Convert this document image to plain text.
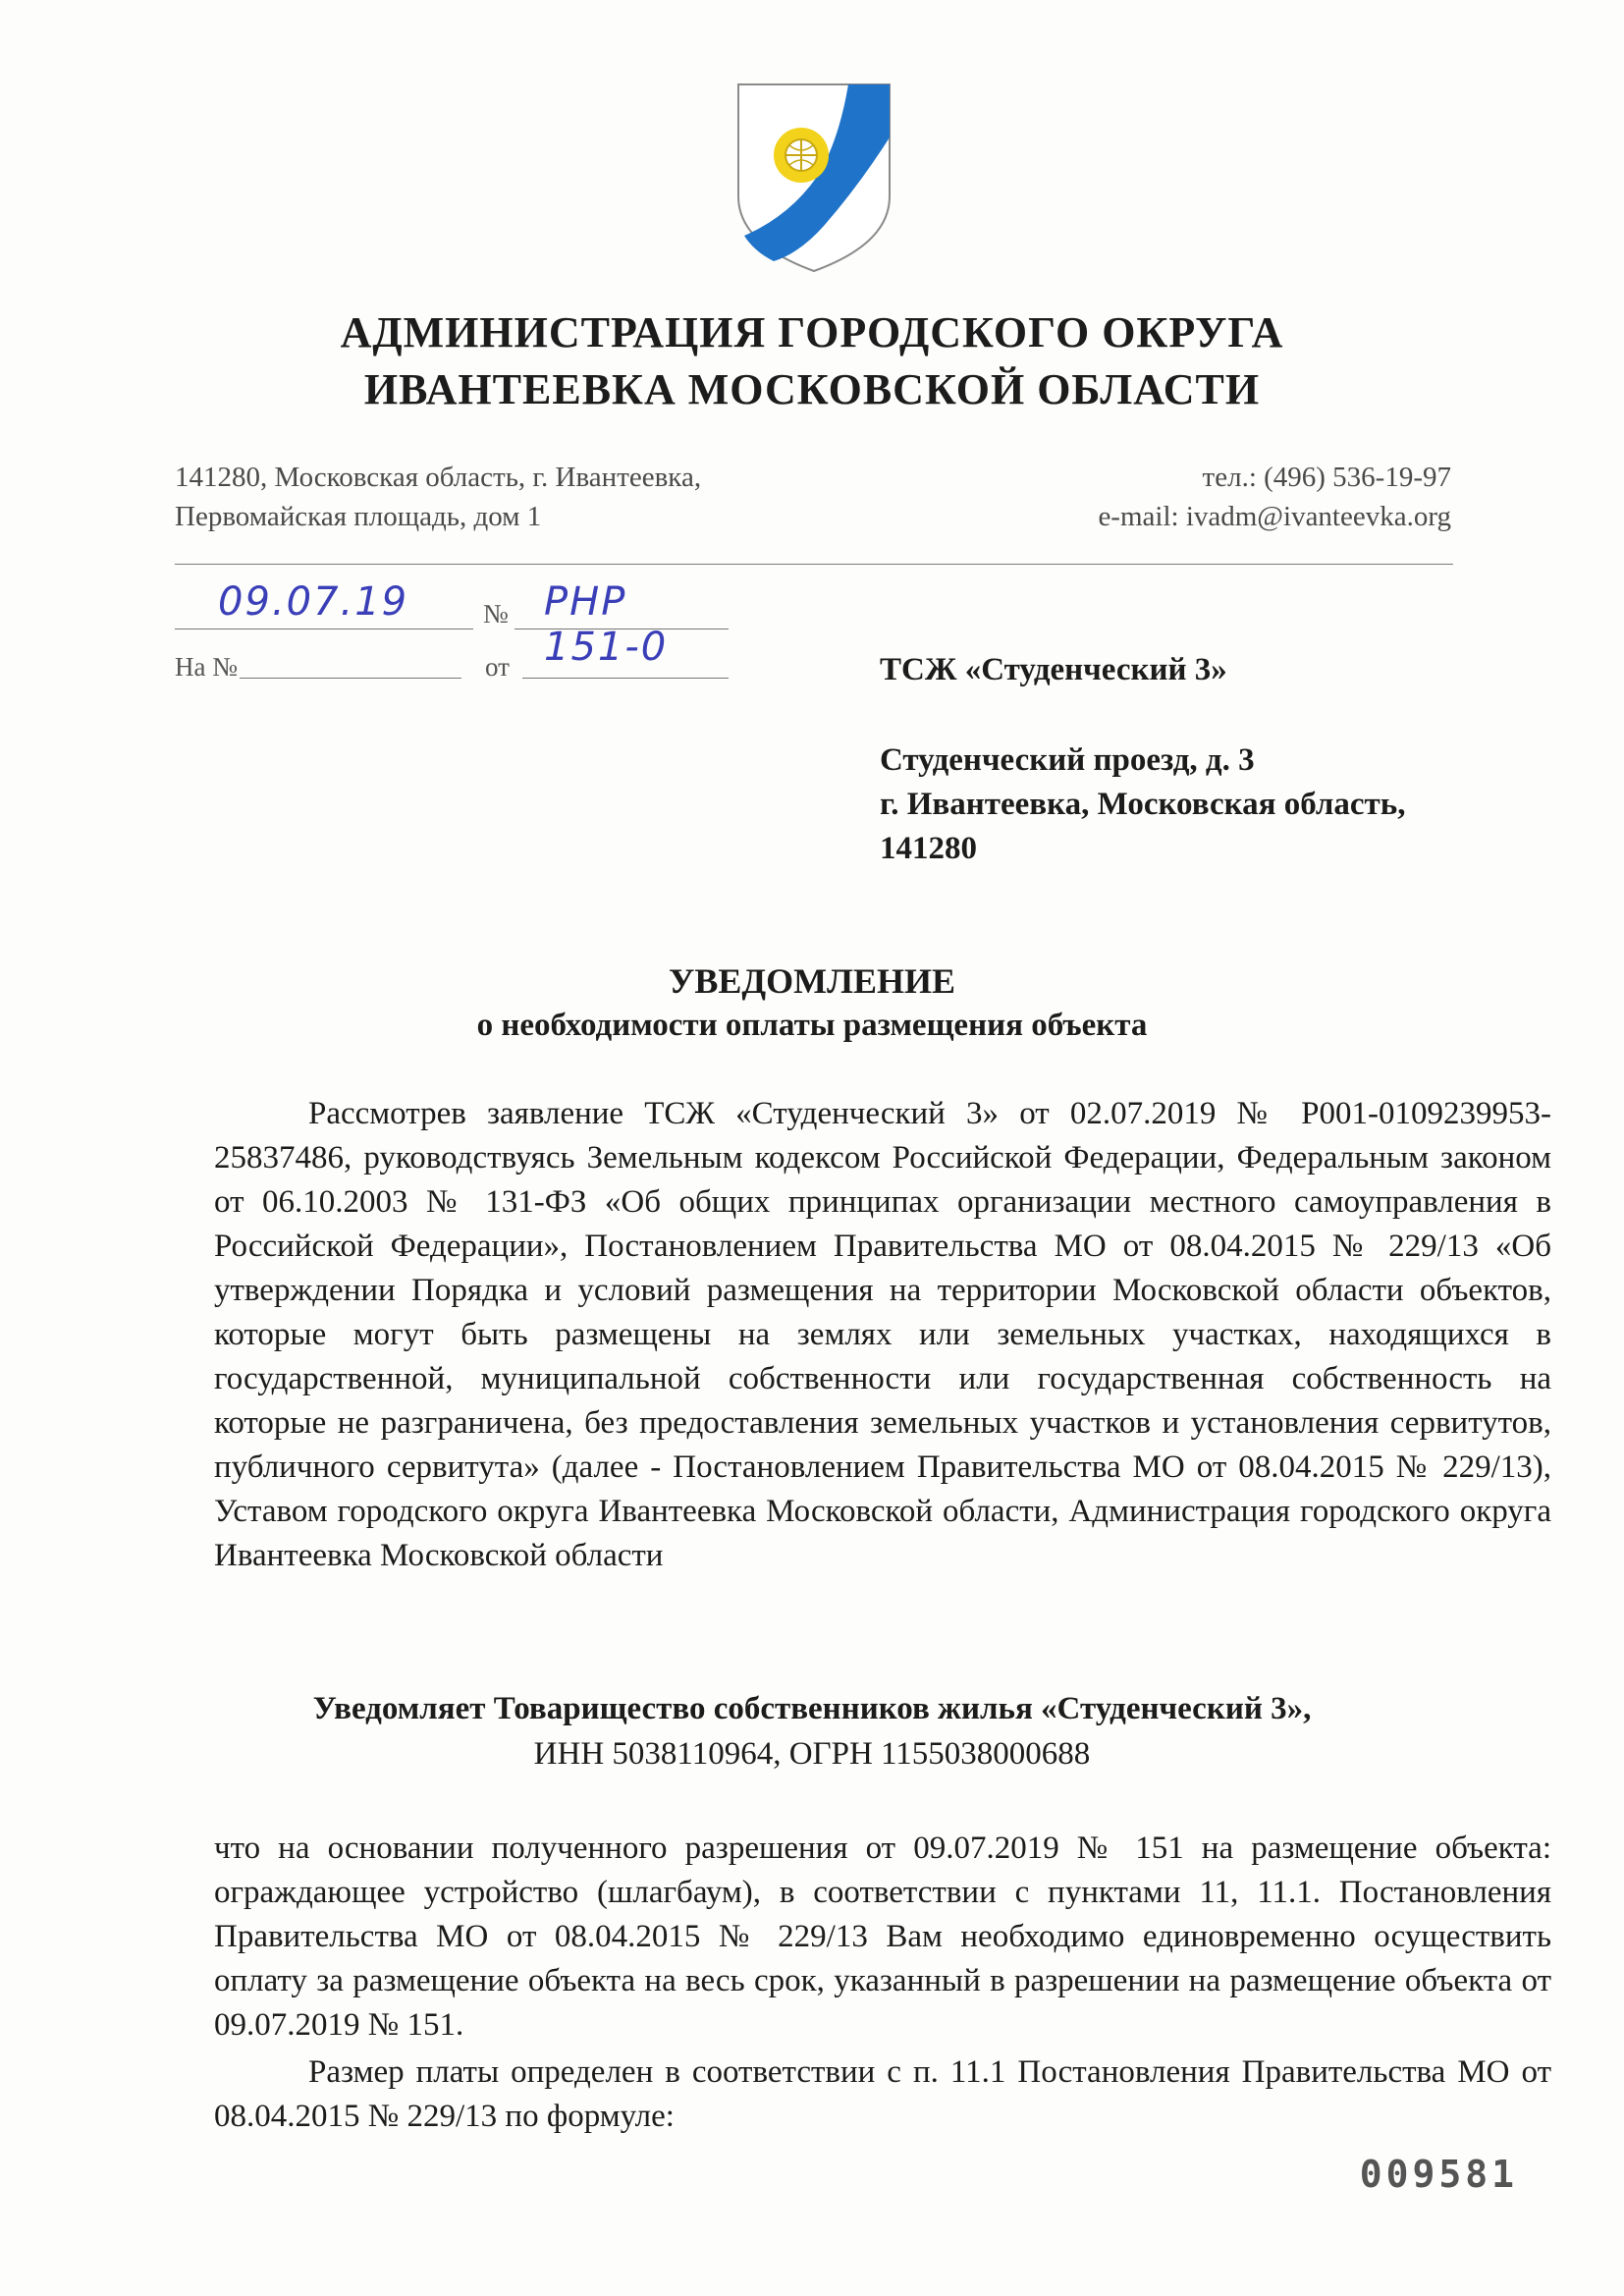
АДМИНИСТРАЦИЯ ГОРОДСКОГО ОКРУГА
ИВАНТЕЕВКА МОСКОВСКОЙ ОБЛАСТИ
141280, Московская область, г. Ивантеевка,
Первомайская площадь, дом 1
тел.: (496) 536-19-97
e-mail: ivadm@ivanteevka.org
09.07.19	№ РНР 151-0
На №	от	ТСЖ «Студенческий 3»
Студенческий проезд, д. 3
г. Ивантеевка, Московская область,
141280
УВЕДОМЛЕНИЕ
о необходимости оплаты размещения объекта
Рассмотрев заявление ТСЖ «Студенческий 3» от 02.07.2019 № Р001-0109239953-25837486, руководствуясь Земельным кодексом Российской Федерации, Федеральным законом от 06.10.2003 № 131-ФЗ «Об общих принципах организации местного самоуправления в Российской Федерации», Постановлением Правительства МО от 08.04.2015 № 229/13 «Об утверждении Порядка и условий размещения на территории Московской области объектов, которые могут быть размещены на землях или земельных участках, находящихся в государственной, муниципальной собственности или государственная собственность на которые не разграничена, без предоставления земельных участков и установления сервитутов, публичного сервитута» (далее - Постановлением Правительства МО от 08.04.2015 № 229/13), Уставом городского округа Ивантеевка Московской области, Администрация городского округа Ивантеевка Московской области
Уведомляет Товарищество собственников жилья «Студенческий 3»,
ИНН 5038110964, ОГРН 1155038000688
что на основании полученного разрешения от 09.07.2019 № 151 на размещение объекта: ограждающее устройство (шлагбаум), в соответствии с пунктами 11, 11.1. Постановления Правительства МО от 08.04.2015 № 229/13 Вам необходимо единовременно осуществить оплату за размещение объекта на весь срок, указанный в разрешении на размещение объекта от 09.07.2019 № 151.
Размер платы определен в соответствии с п. 11.1 Постановления Правительства МО от 08.04.2015 № 229/13 по формуле:
009581
